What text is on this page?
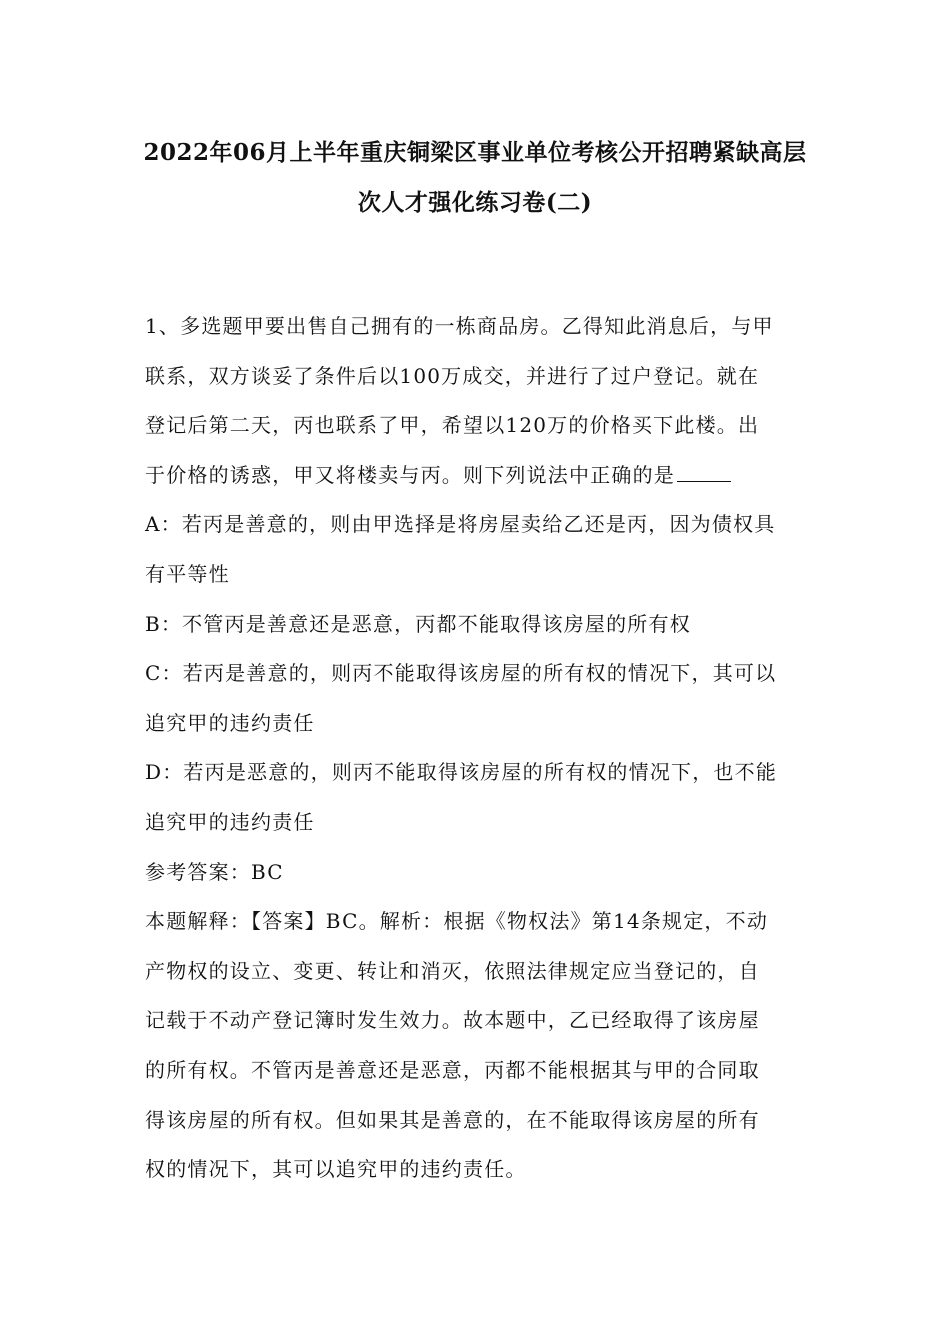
2022年06月上半年重庆铜梁区事业单位考核公开招聘紧缺高层
次人才强化练习卷(二)
1、多选题甲要出售自己拥有的一栋商品房。乙得知此消息后，与甲
联系，双方谈妥了条件后以100万成交，并进行了过户登记。就在
登记后第二天，丙也联系了甲，希望以120万的价格买下此楼。出
于价格的诱惑，甲又将楼卖与丙。则下列说法中正确的是
A：若丙是善意的，则由甲选择是将房屋卖给乙还是丙，因为债权具
有平等性
B：不管丙是善意还是恶意，丙都不能取得该房屋的所有权
C：若丙是善意的，则丙不能取得该房屋的所有权的情况下，其可以
追究甲的违约责任
D：若丙是恶意的，则丙不能取得该房屋的所有权的情况下，也不能
追究甲的违约责任
参考答案：BC
本题解释：【答案】BC。解析：根据《物权法》第14条规定，不动
产物权的设立、变更、转让和消灭，依照法律规定应当登记的，自
记载于不动产登记簿时发生效力。故本题中，乙已经取得了该房屋
的所有权。不管丙是善意还是恶意，丙都不能根据其与甲的合同取
得该房屋的所有权。但如果其是善意的，在不能取得该房屋的所有
权的情况下，其可以追究甲的违约责任。
